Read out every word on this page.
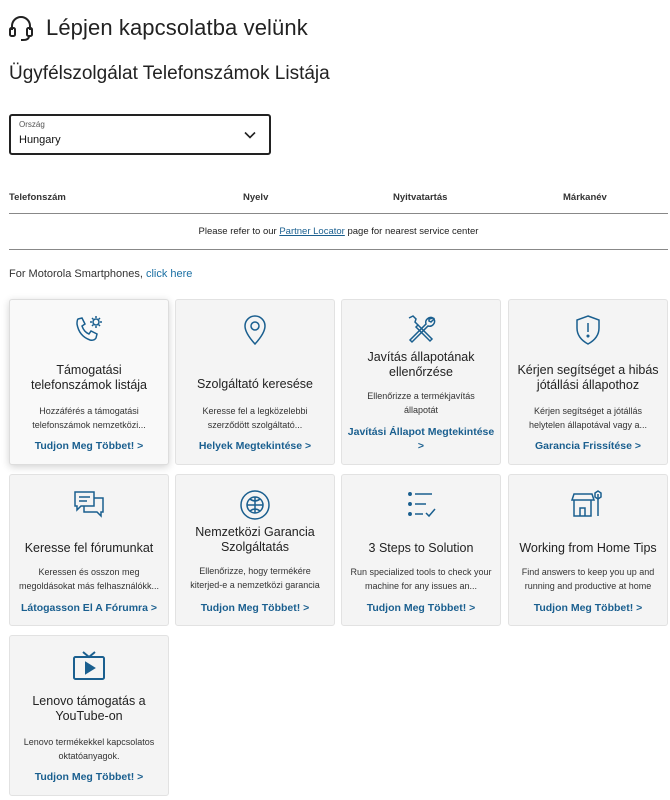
Lépjen kapcsolatba velünk
Ügyfélszolgálat Telefonszámok Listája
Ország
Hungary
Telefonszám	Nyelv	Nyitvatartás	Márkanév
Please refer to our Partner Locator page for nearest service center
For Motorola Smartphones, click here
Támogatási telefonszámok listája
Hozzáférés a támogatási telefonszámok nemzetközi...
Tudjon Meg Többet! >
Szolgáltató keresése
Keresse fel a legközelebbi szerződött szolgáltató...
Helyek Megtekintése >
Javítás állapotának ellenőrzése
Ellenőrizze a termékjavítás állapotát
Javítási Állapot Megtekintése >
Kérjen segítséget a hibás jótállási állapothoz
Kérjen segítséget a jótállás helytelen állapotával vagy a...
Garancia Frissítése >
Keresse fel fórumunkat
Keressen és osszon meg megoldásokat más felhasználókk...
Látogasson El A Fórumra >
Nemzetközi Garancia Szolgáltatás
Ellenőrizze, hogy termékére kiterjed-e a nemzetközi garancia
Tudjon Meg Többet! >
3 Steps to Solution
Run specialized tools to check your machine for any issues an...
Tudjon Meg Többet! >
Working from Home Tips
Find answers to keep you up and running and productive at home
Tudjon Meg Többet! >
Lenovo támogatás a YouTube-on
Lenovo termékekkel kapcsolatos oktatóanyagok.
Tudjon Meg Többet! >
